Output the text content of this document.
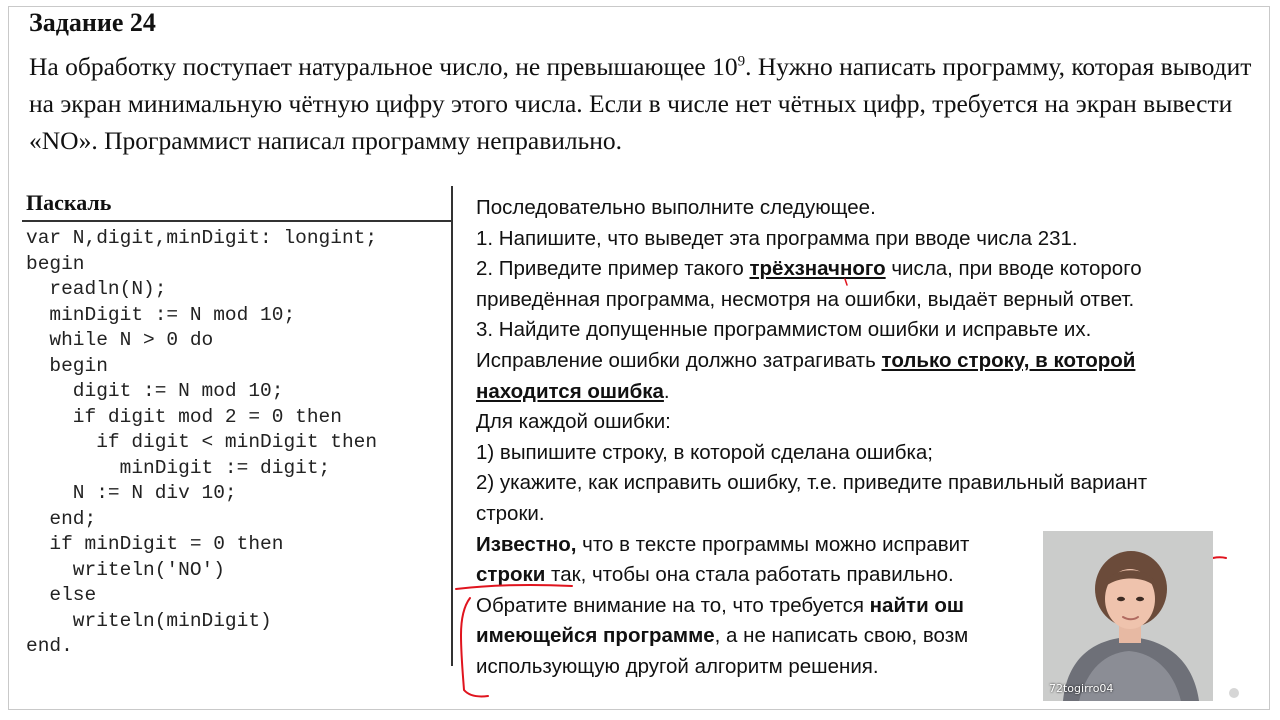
Задание 24
На обработку поступает натуральное число, не превышающее $10^9$. Нужно написать программу, которая выводит на экран минимальную чётную цифру этого числа. Если в числе нет чётных цифр, требуется на экран вывести «NO». Программист написал программу неправильно.
Паскаль
var N,digit,minDigit: longint;
begin
readln(N);
minDigit := N mod 10;
while N > 0 do
begin
digit := N mod 10;
if digit mod 2 = 0 then
if digit < minDigit then
minDigit := digit;
N := N div 10;
end;
if minDigit = 0 then
writeln('NO')
else
writeln(minDigit)
end.

Последовательно выполните следующее.

1. Напишите, что выведет эта программа при вводе числа 231.

2. Приведите пример такого трёхзначного числа, при вводе которого

приведённая программа, несмотря на ошибки, выдаёт верный ответ.

3. Найдите допущенные программистом ошибки и исправьте их.

Исправление ошибки должно затрагивать только строку, в которой

находится ошибка.

Для каждой ошибки:

1) выпишите строку, в которой сделана ошибка;

2) укажите, как исправить ошибку, т.е. приведите правильный вариант

строки.

Известно, что в тексте программы можно исправит

строки так, чтобы она стала работать правильно.

Обратите внимание на то, что требуется найти ош

имеющейся программе, а не написать свою, возм

использующую другой алгоритм решения.

72togirro04
